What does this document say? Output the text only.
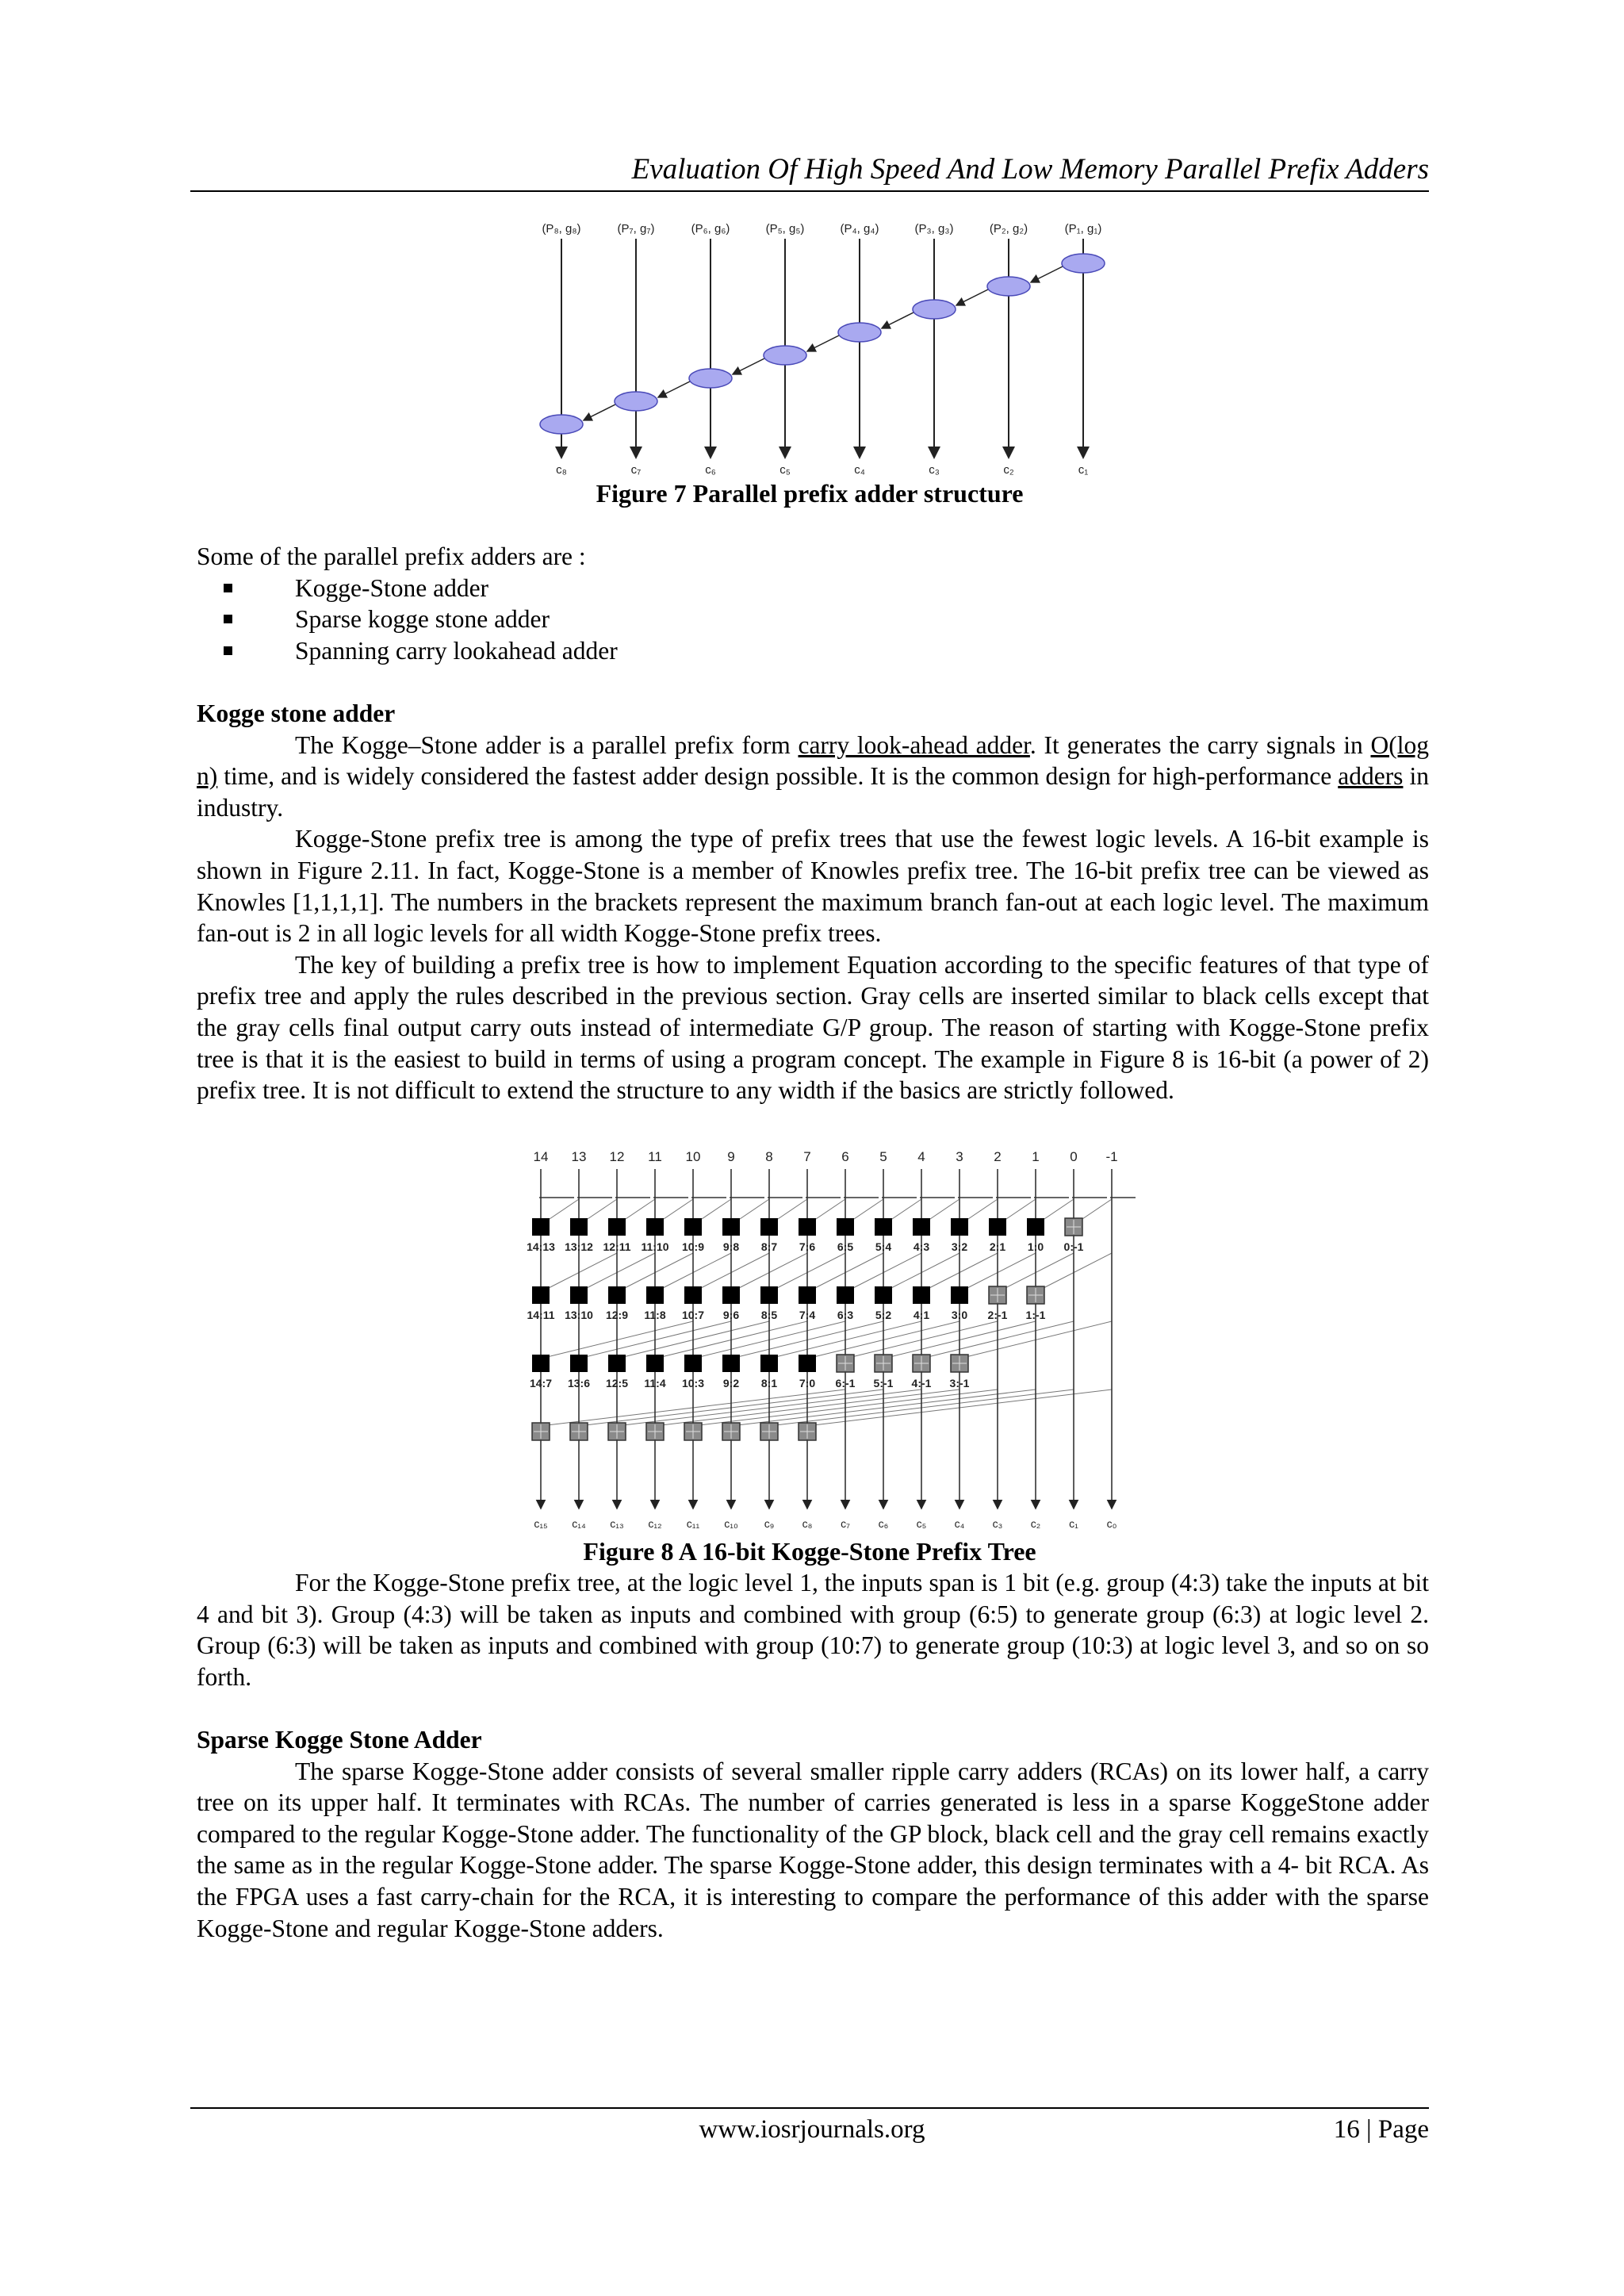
Evaluation Of High Speed And Low Memory Parallel Prefix Adders
(P₈, g₈)
c₈
(P₇, g₇)
c₇
(P₆, g₆)
c₆
(P₅, g₅)
c₅
(P₄, g₄)
c₄
(P₃, g₃)
c₃
(P₂, g₂)
c₂
(P₁, g₁)
c₁
Figure 7 Parallel prefix adder structure

Some of the parallel prefix adders are :

Kogge-Stone adder
Sparse kogge stone adder
Spanning carry lookahead adder

Kogge stone adder

The Kogge–Stone adder is a parallel prefix form carry look-ahead adder. It generates the carry signals in O(log n) time, and is widely considered the fastest adder design possible. It is the common design for high-performance adders in industry.

Kogge-Stone prefix tree is among the type of prefix trees that use the fewest logic levels. A 16-bit example is shown in Figure 2.11. In fact, Kogge-Stone is a member of Knowles prefix tree. The 16-bit prefix tree can be viewed as Knowles [1,1,1,1]. The numbers in the brackets represent the maximum branch fan-out at each logic level. The maximum fan-out is 2 in all logic levels for all width Kogge-Stone prefix trees.

The key of building a prefix tree is how to implement Equation according to the specific features of that type of prefix tree and apply the rules described in the previous section. Gray cells are inserted similar to black cells except that the gray cells final output carry outs instead of intermediate G/P group. The reason of starting with Kogge-Stone prefix tree is that it is the easiest to build in terms of using a program concept. The example in Figure 8 is 16-bit (a power of 2) prefix tree. It is not difficult to extend the structure to any width if the basics are strictly followed.

14 13 12 11 10 9 8 7 6 5 4 3 2 1 0 -1
c₁₅ c₁₄ c₁₃ c₁₂ c₁₁ c₁₀ c₉	c₈	c₇	c₆	c₅	c₄	c₃	c₂	c₁	c₀
14:13 13:12 12:11 11:10 10:9 9:8 8:7 7:6 6:5 5:4 4:3 3:2 2:1 1:0 0:-1
14:11 13:10 12:9 11:8 10:7 9:6 8:5 7:4 6:3 5:2 4:1 3:0 2:-1 1:-1
14:7 13:6 12:5 11:4 10:3 9:2 8:1 7:0 6:-1 5:-1 4:-1 3:-1
Figure 8 A 16-bit Kogge-Stone Prefix Tree

For the Kogge-Stone prefix tree, at the logic level 1, the inputs span is 1 bit (e.g. group (4:3) take the inputs at bit 4 and bit 3). Group (4:3) will be taken as inputs and combined with group (6:5) to generate group (6:3) at logic level 2. Group (6:3) will be taken as inputs and combined with group (10:7) to generate group (10:3) at logic level 3, and so on so forth.

Sparse Kogge Stone Adder

The sparse Kogge-Stone adder consists of several smaller ripple carry adders (RCAs) on its lower half, a carry tree on its upper half. It terminates with RCAs. The number of carries generated is less in a sparse KoggeStone adder compared to the regular Kogge-Stone adder. The functionality of the GP block, black cell and the gray cell remains exactly the same as in the regular Kogge-Stone adder. The sparse Kogge-Stone adder, this design terminates with a 4- bit RCA. As the FPGA uses a fast carry-chain for the RCA, it is interesting to compare the performance of this adder with the sparse Kogge-Stone and regular Kogge-Stone adders.

www.iosrjournals.org	16 | Page
